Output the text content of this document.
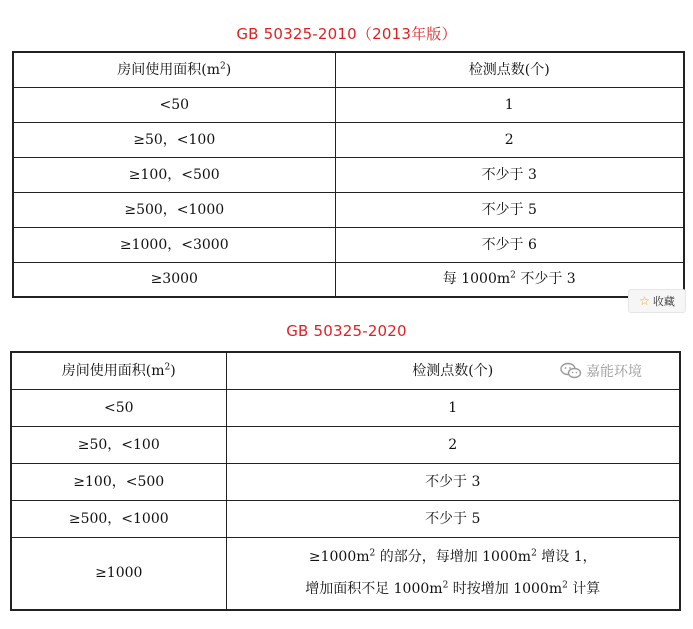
GB 50325-2010（2013年版）
房间使用面积$(m^2)$	检测点数(个)
<50	1
≥50，<100	2
≥100，<500	不少于 3
≥500，<1000	不少于 5
≥1000，<3000	不少于 6
≥3000	每 $1000m^2$ 不少于 3
☆ 收藏
GB 50325-2020
房间使用面积$(m^2)$	检测点数(个)
<50	1
≥50，<100	2
≥100，<500	不少于 3
≥500，<1000	不少于 5
≥1000	$\ge 1000m^2$ 的部分，每增加 $1000m^2$ 增设 1，
增加面积不足 $1000m^2$ 时按增加 $1000m^2$ 计算
嘉能环境
